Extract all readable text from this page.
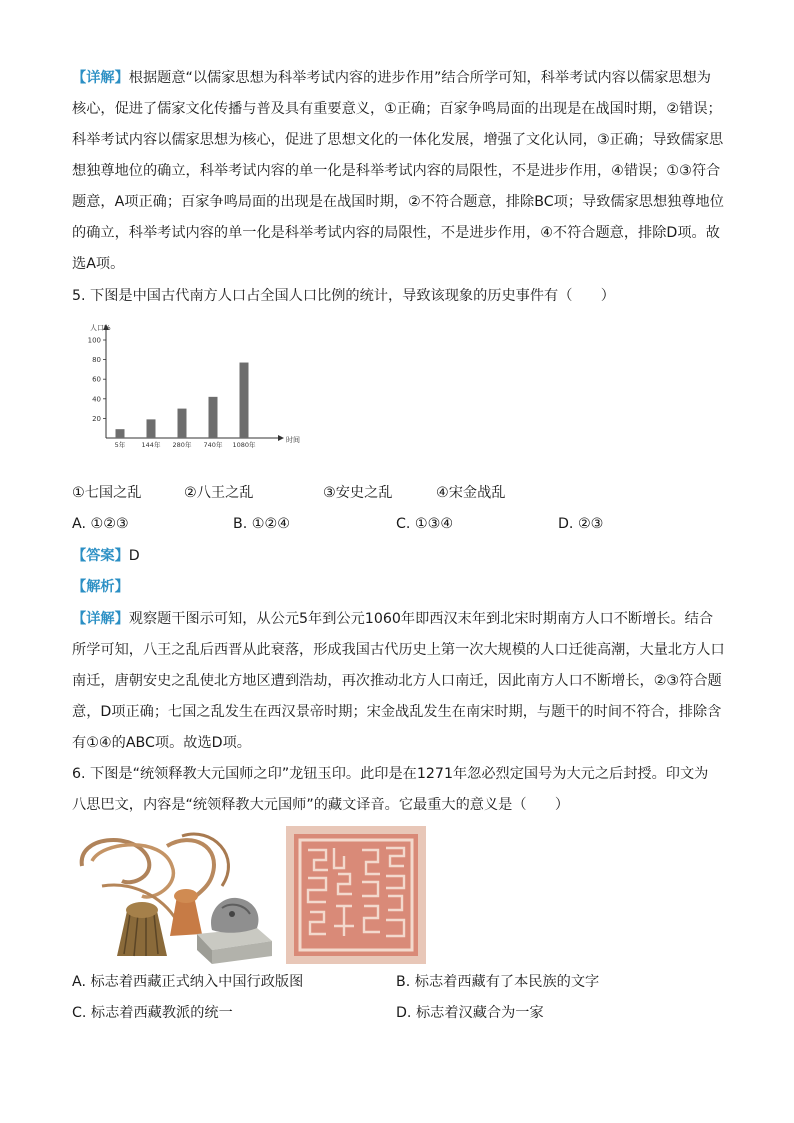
【详解】根据题意“以儒家思想为科举考试内容的进步作用”结合所学可知，科举考试内容以儒家思想为
核心，促进了儒家文化传播与普及具有重要意义，①正确；百家争鸣局面的出现是在战国时期，②错误；
科举考试内容以儒家思想为核心，促进了思想文化的一体化发展，增强了文化认同，③正确；导致儒家思
想独尊地位的确立，科举考试内容的单一化是科举考试内容的局限性，不是进步作用，④错误；①③符合
题意，A项正确；百家争鸣局面的出现是在战国时期，②不符合题意，排除BC项；导致儒家思想独尊地位
的确立，科举考试内容的单一化是科举考试内容的局限性，不是进步作用，④不符合题意，排除D项。故
选A项。
5. 下图是中国古代南方人口占全国人口比例的统计，导致该现象的历史事件有（　　）
人口%
时间
20
40
60
80
100
5年 144年 280年 740年 1080年
①七国之乱	②八王之乱	③安史之乱	④宋金战乱
A. ①②③	B. ①②④	C. ①③④	D. ②③
【答案】D
【解析】
【详解】观察题干图示可知，从公元5年到公元1060年即西汉末年到北宋时期南方人口不断增长。结合
所学可知，八王之乱后西晋从此衰落，形成我国古代历史上第一次大规模的人口迁徙高潮，大量北方人口
南迁，唐朝安史之乱使北方地区遭到浩劫，再次推动北方人口南迁，因此南方人口不断增长，②③符合题
意，D项正确；七国之乱发生在西汉景帝时期；宋金战乱发生在南宋时期，与题干的时间不符合，排除含
有①④的ABC项。故选D项。
6. 下图是“统领释教大元国师之印”龙钮玉印。此印是在1271年忽必烈定国号为大元之后封授。印文为
八思巴文，内容是“统领释教大元国师”的藏文译音。它最重大的意义是（　　）
A. 标志着西藏正式纳入中国行政版图	B. 标志着西藏有了本民族的文字
C. 标志着西藏教派的统一	D. 标志着汉藏合为一家
